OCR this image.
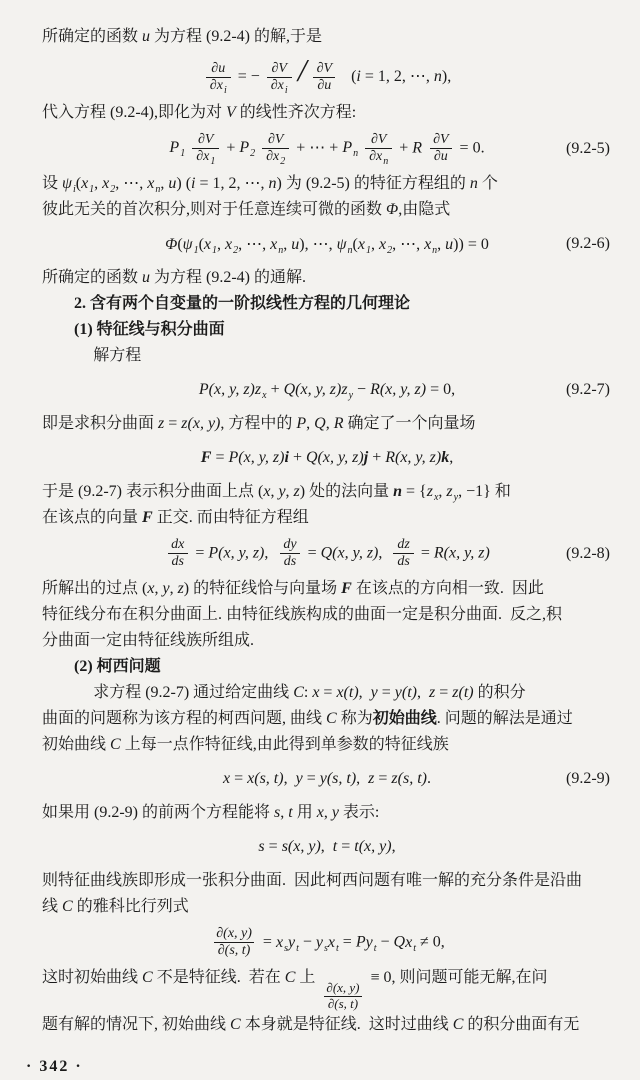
所确定的函数 u 为方程 (9.2-4) 的解,于是
$\frac{\partial u}{\partial x_i}$ = − $\frac{\partial V}{\partial x_i} / \frac{\partial V}{\partial u} (i = 1$, 2, ⋯, n),
代入方程 (9.2-4),即化为对 V 的线性齐次方程:
$P_1 \frac{\partial V}{\partial x_1} + P_2 \frac{\partial V}{\partial x_2}$ + ⋯ + $P_n \frac{\partial V}{\partial x_n} + R \frac{\partial V}{\partial u} = 0$.	(9.2-5)
设 $\psi_i(x_1$, $x_2$, ⋯, $x_n$, u) (i = 1, 2, ⋯, n) 为 (9.2-5) 的特征方程组的 n 个
彼此无关的首次积分,则对于任意连续可微的函数 Φ,由隐式
$\Phi(\psi_1(x_1$, $x_2$, ⋯, $x_n$, u), ⋯, $\psi_n(x_1$, $x_2$, ⋯, $x_n$, u)) = 0	(9.2-6)
所确定的函数 u 为方程 (9.2-4) 的通解.
2. 含有两个自变量的一阶拟线性方程的几何理论
(1) 特征线与积分曲面
解方程
P(x, y, $z)z_x + Q(x$, y, $z)z_y - R(x$, y, z) = 0,	(9.2-7)
即是求积分曲面 z = z(x, y), 方程中的 P, Q, R 确定了一个向量场
F = P(x, y, z)i + Q(x, y, z)j + R(x, y, z)k,
于是 (9.2-7) 表示积分曲面上点 (x, y, z) 处的法向量 $n = \{z_x$, $z_y$, −1} 和
在该点的向量 F 正交. 而由特征方程组
$\frac{dx}{ds} = P(x$, y, z), $\frac{dy}{ds} = Q(x$, y, z), $\frac{dz}{ds} = R(x$, y, z)	(9.2-8)
所解出的过点 (x, y, z) 的特征线恰与向量场 F 在该点的方向相一致.  因此
特征线分布在积分曲面上. 由特征线族构成的曲面一定是积分曲面.  反之,积
分曲面一定由特征线族所组成.
(2) 柯西问题
求方程 (9.2-7) 通过给定曲线 C: x = x(t),  y = y(t),  z = z(t) 的积分
曲面的问题称为该方程的柯西问题, 曲线 C 称为初始曲线. 问题的解法是通过
初始曲线 C 上每一点作特征线,由此得到单参数的特征线族
x = x(s, t),  y = y(s, t),  z = z(s, t).	(9.2-9)
如果用 (9.2-9) 的前两个方程能将 s, t 用 x, y 表示:
s = s(x, y),  t = t(x, y),
则特征曲线族即形成一张积分曲面.  因此柯西问题有唯一解的充分条件是沿曲
线 C 的雅科比行列式
$\frac{\partial(x, y)}{\partial(s, t)} = x_sy_t - y_sx_t = Py_t - Qx_t \ne 0$,
这时初始曲线 C 不是特征线.  若在 C 上
$\frac{\partial(x, y)}{\partial(s, t)}$
≡ 0, 则问题可能无解,在问
题有解的情况下, 初始曲线 C 本身就是特征线.  这时过曲线 C 的积分曲面有无
· 342 ·
